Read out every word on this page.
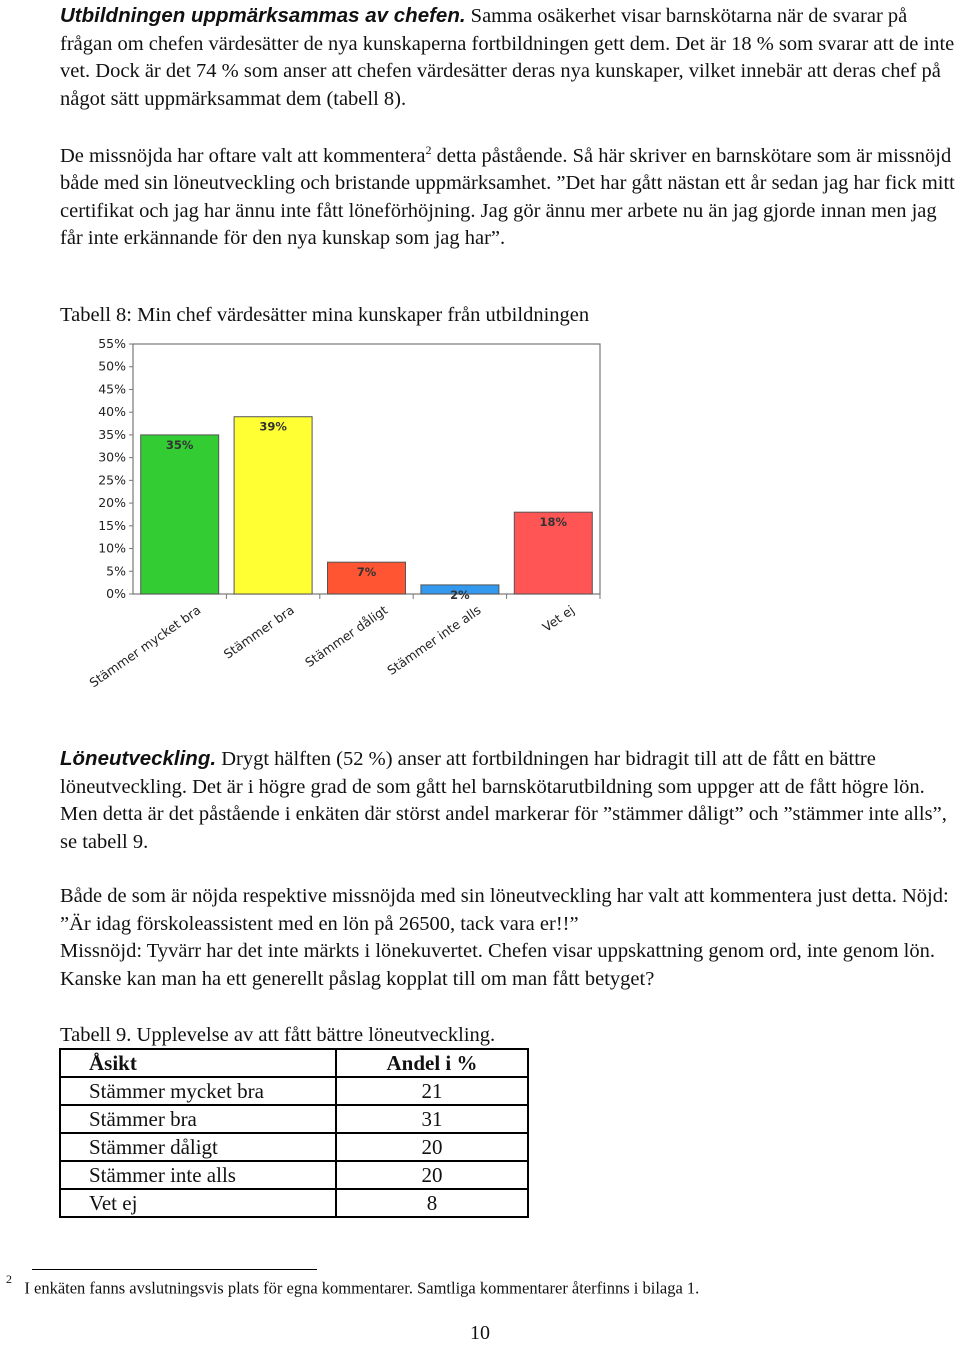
Utbildningen uppmärksammas av chefen. Samma osäkerhet visar barnskötarna när de svarar på frågan om chefen värdesätter de nya kunskaperna fortbildningen gett dem. Det är 18 % som svarar att de inte vet. Dock är det 74 % som anser att chefen värdesätter deras nya kunskaper, vilket innebär att deras chef på något sätt uppmärksammat dem (tabell 8).
De missnöjda har oftare valt att kommentera$^2$ detta påstående. Så här skriver en barnskötare som är missnöjd både med sin löneutveckling och bristande uppmärksamhet. ”Det har gått nästan ett år sedan jag har fick mitt certifikat och jag har ännu inte fått löneförhöjning. Jag gör ännu mer arbete nu än jag gjorde innan men jag får inte erkännande för den nya kunskap som jag har”.
Tabell 8: Min chef värdesätter mina kunskaper från utbildningen
0%
5%
10%
15%
20%
25%
30%
35%
40%
45%
50%
55%
35%
Stämmer mycket bra
39%
Stämmer bra
7%
Stämmer dåligt
2%
Stämmer inte alls
18%
Vet ej
Löneutveckling. Drygt hälften (52 %) anser att fortbildningen har bidragit till att de fått en bättre löneutveckling. Det är i högre grad de som gått hel barnskötarutbildning som uppger att de fått högre lön. Men detta är det påstående i enkäten där störst andel markerar för ”stämmer dåligt” och ”stämmer inte alls”, se tabell 9.
Både de som är nöjda respektive missnöjda med sin löneutveckling har valt att kommentera just detta. Nöjd: ”Är idag förskoleassistent med en lön på 26500, tack vara er!!”
Missnöjd: Tyvärr har det inte märkts i lönekuvertet. Chefen visar uppskattning genom ord, inte genom lön. Kanske kan man ha ett generellt påslag kopplat till om man fått betyget?
Tabell 9. Upplevelse av att fått bättre löneutveckling.
Åsikt	Andel i %
Stämmer mycket bra	21
Stämmer bra	31
Stämmer dåligt	20
Stämmer inte alls	20
Vet ej	8
$^2$ I enkäten fanns avslutningsvis plats för egna kommentarer. Samtliga kommentarer återfinns i bilaga 1.
10
